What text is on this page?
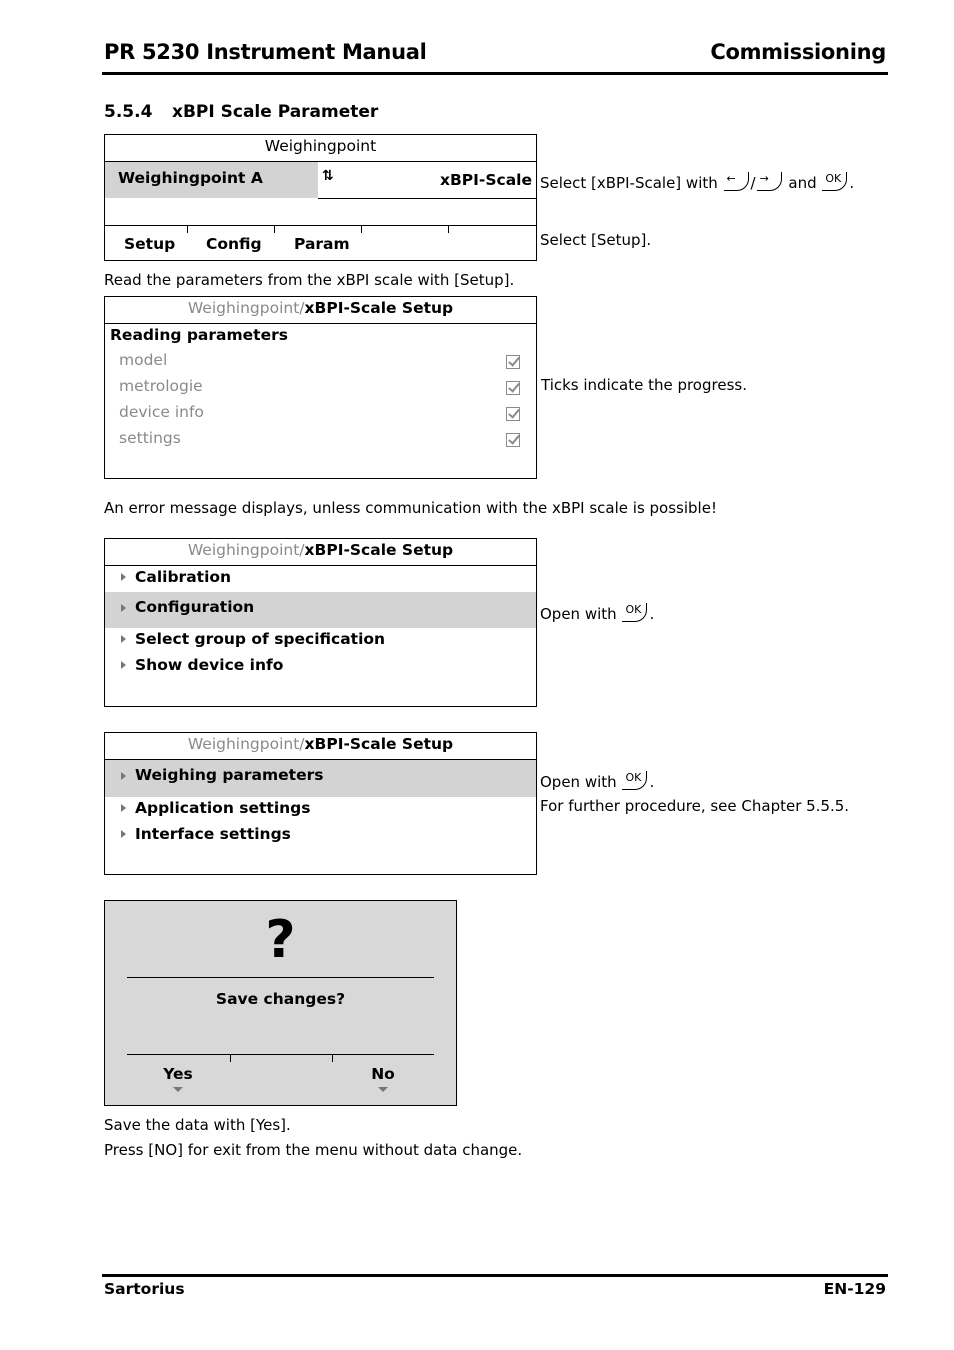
PR 5230 Instrument Manual	Commissioning
5.5.4 xBPI Scale Parameter
Weighingpoint
Weighingpoint A	⇅	xBPI-Scale
Setup Config Param
Select [xBPI-Scale] with ← / → and OK .
Select [Setup].
Read the parameters from the xBPI scale with [Setup].
Weighingpoint/xBPI-Scale Setup
Reading parameters
model
metrologie
device info
settings
Ticks indicate the progress.
An error message displays, unless communication with the xBPI scale is possible!
Weighingpoint/xBPI-Scale Setup
Calibration
Configuration
Select group of specification
Show device info
Open with OK .
Weighingpoint/xBPI-Scale Setup
Weighing parameters
Application settings
Interface settings
Open with OK .
For further procedure, see Chapter 5.5.5.
?
Save changes?
Yes	No
Save the data with [Yes].
Press [NO] for exit from the menu without data change.
Sartorius	EN-129
